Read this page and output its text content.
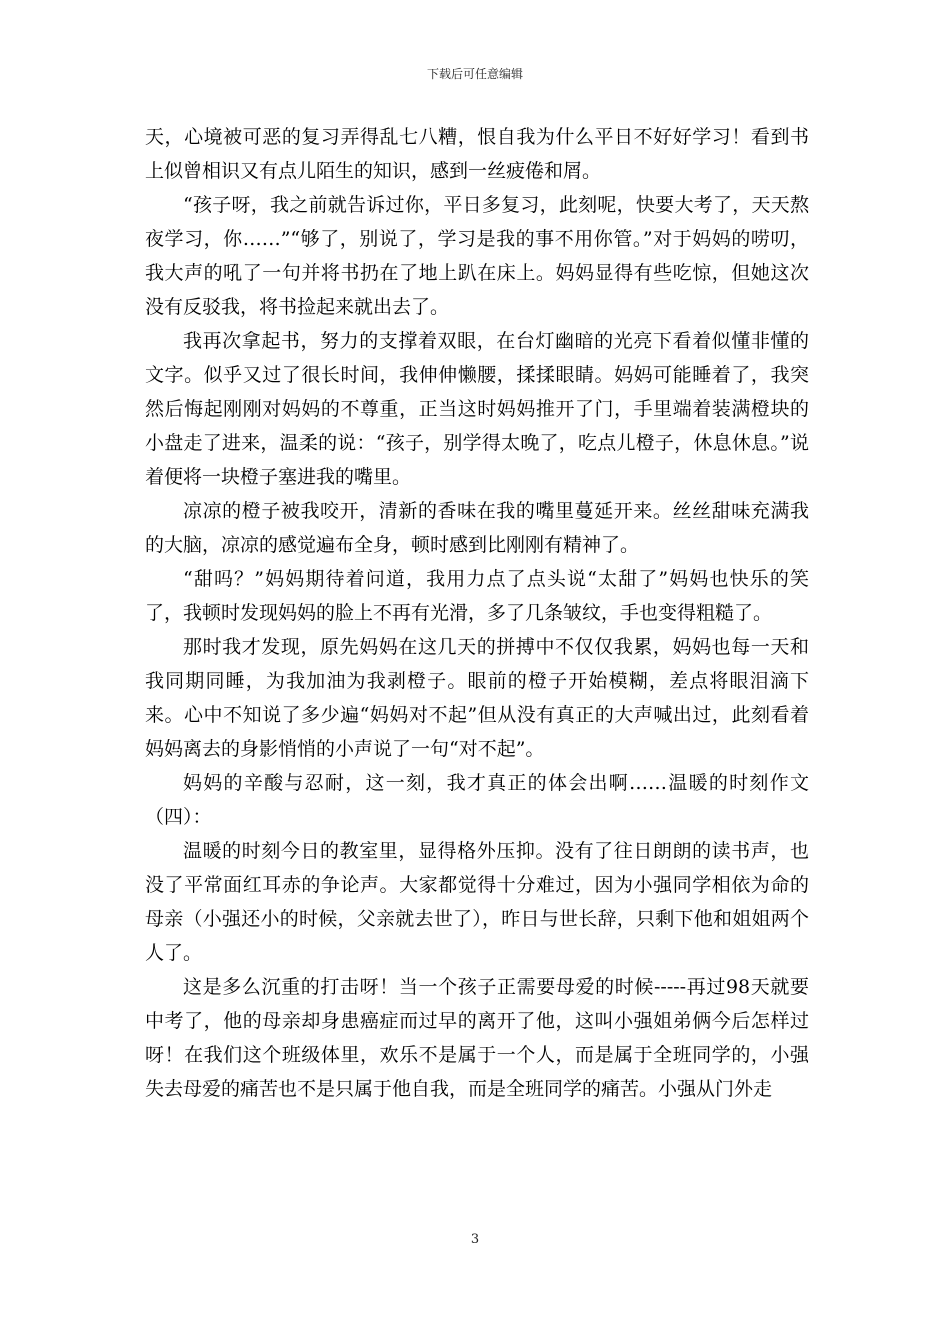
下载后可任意编辑

天，心境被可恶的复习弄得乱七八糟，恨自我为什么平日不好好学习！看到书上似曾相识又有点儿陌生的知识，感到一丝疲倦和屑。

“孩子呀，我之前就告诉过你，平日多复习，此刻呢，快要大考了，天天熬夜学习，你……”“够了，别说了，学习是我的事不用你管。”对于妈妈的唠叨，我大声的吼了一句并将书扔在了地上趴在床上。妈妈显得有些吃惊，但她这次没有反驳我，将书捡起来就出去了。

我再次拿起书，努力的支撑着双眼，在台灯幽暗的光亮下看着似懂非懂的文字。似乎又过了很长时间，我伸伸懒腰，揉揉眼睛。妈妈可能睡着了，我突然后悔起刚刚对妈妈的不尊重，正当这时妈妈推开了门，手里端着装满橙块的小盘走了进来，温柔的说：“孩子，别学得太晚了，吃点儿橙子，休息休息。”说着便将一块橙子塞进我的嘴里。

凉凉的橙子被我咬开，清新的香味在我的嘴里蔓延开来。丝丝甜味充满我的大脑，凉凉的感觉遍布全身，顿时感到比刚刚有精神了。

“甜吗？”妈妈期待着问道，我用力点了点头说“太甜了”妈妈也快乐的笑了，我顿时发现妈妈的脸上不再有光滑，多了几条皱纹，手也变得粗糙了。

那时我才发现，原先妈妈在这几天的拼搏中不仅仅我累，妈妈也每一天和我同期同睡，为我加油为我剥橙子。眼前的橙子开始模糊，差点将眼泪滴下来。心中不知说了多少遍“妈妈对不起”但从没有真正的大声喊出过，此刻看着妈妈离去的身影悄悄的小声说了一句“对不起”。

妈妈的辛酸与忍耐，这一刻，我才真正的体会出啊……温暖的时刻作文（四）：

温暖的时刻今日的教室里，显得格外压抑。没有了往日朗朗的读书声，也没了平常面红耳赤的争论声。大家都觉得十分难过，因为小强同学相依为命的母亲（小强还小的时候，父亲就去世了），昨日与世长辞，只剩下他和姐姐两个人了。

这是多么沉重的打击呀！当一个孩子正需要母爱的时候-----再过98天就要中考了，他的母亲却身患癌症而过早的离开了他，这叫小强姐弟俩今后怎样过呀！在我们这个班级体里，欢乐不是属于一个人，而是属于全班同学的，小强失去母爱的痛苦也不是只属于他自我，而是全班同学的痛苦。小强从门外走

3
